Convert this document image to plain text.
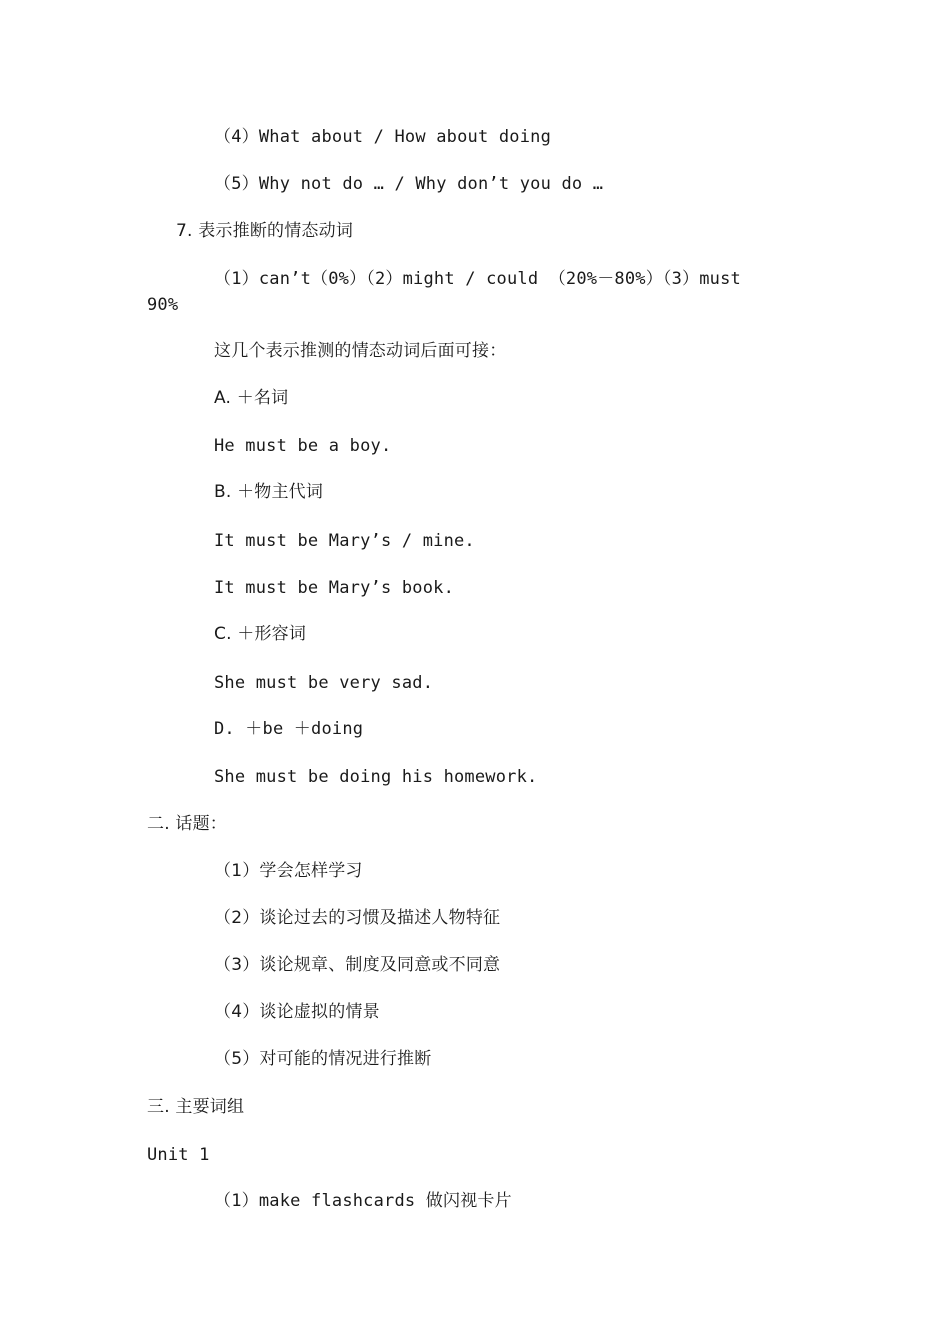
（4）What about / How about doing
（5）Why not do … / Why don’t you do …
7. 表示推断的情态动词
（1）can’t（0%）（2）might / could （20%－80%）（3）must
90%
这几个表示推测的情态动词后面可接：
A. ＋名词
He must be a boy.
B. ＋物主代词
It must be Mary’s / mine.
It must be Mary’s book.
C. ＋形容词
She must be very sad.
D. ＋be ＋doing
She must be doing his homework.
二. 话题：
（1）学会怎样学习
（2）谈论过去的习惯及描述人物特征
（3）谈论规章、制度及同意或不同意
（4）谈论虚拟的情景
（5）对可能的情况进行推断
三. 主要词组
Unit 1
（1）make flashcards 做闪视卡片
